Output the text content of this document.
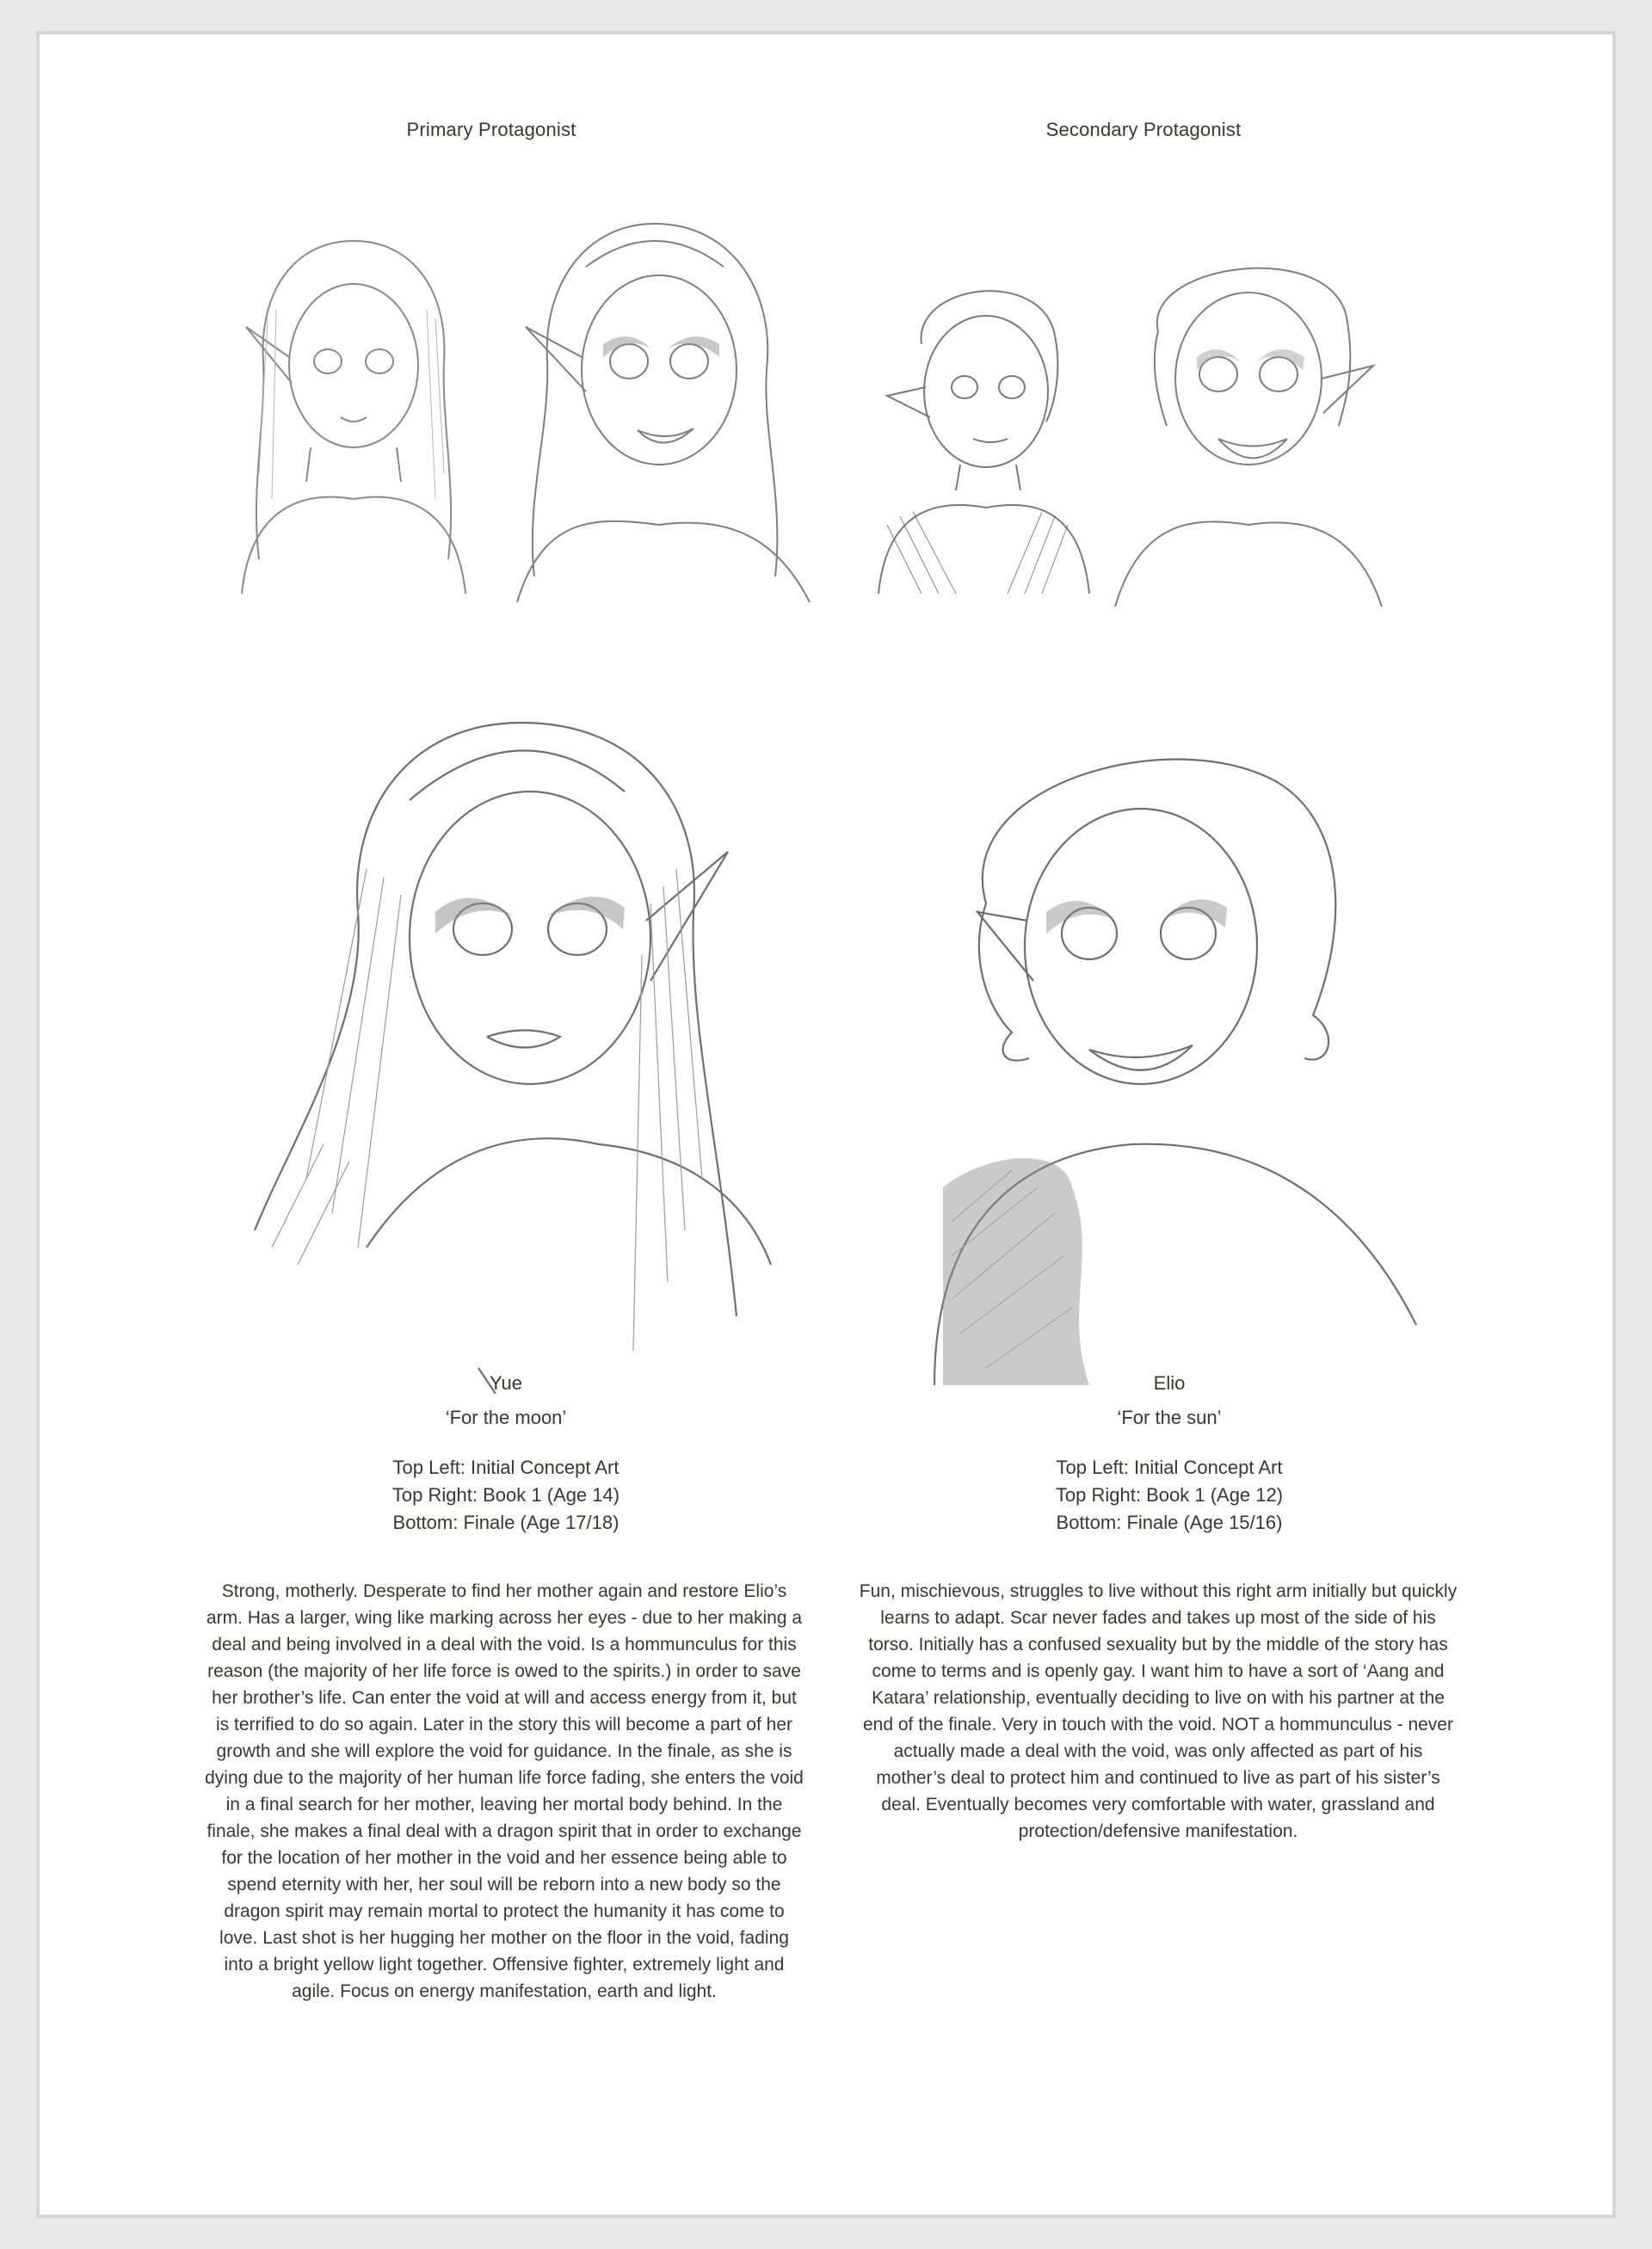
Primary Protagonist	Secondary Protagonist
Yue
‘For the moon’
Top Left: Initial Concept Art
Top Right: Book 1 (Age 14)
Bottom: Finale (Age 17/18)
Elio
‘For the sun’
Top Left: Initial Concept Art
Top Right: Book 1 (Age 12)
Bottom: Finale (Age 15/16)
Strong, motherly. Desperate to find her mother again and restore Elio’s arm. Has a larger, wing like marking across her eyes - due to her making a deal and being involved in a deal with the void. Is a hommunculus for this reason (the majority of her life force is owed to the spirits.) in order to save her brother’s life. Can enter the void at will and access energy from it, but is terrified to do so again. Later in the story this will become a part of her growth and she will explore the void for guidance. In the finale, as she is dying due to the majority of her human life force fading, she enters the void in a final search for her mother, leaving her mortal body behind. In the finale, she makes a final deal with a dragon spirit that in order to exchange for the location of her mother in the void and her essence being able to spend eternity with her, her soul will be reborn into a new body so the dragon spirit may remain mortal to protect the humanity it has come to love. Last shot is her hugging her mother on the floor in the void, fading into a bright yellow light together. Offensive fighter, extremely light and agile. Focus on energy manifestation, earth and light.
Fun, mischievous, struggles to live without this right arm initially but quickly learns to adapt. Scar never fades and takes up most of the side of his torso. Initially has a confused sexuality but by the middle of the story has come to terms and is openly gay. I want him to have a sort of ‘Aang and Katara’ relationship, eventually deciding to live on with his partner at the end of the finale. Very in touch with the void. NOT a hommunculus - never actually made a deal with the void, was only affected as part of his mother’s deal to protect him and continued to live as part of his sister’s deal. Eventually becomes very comfortable with water, grassland and protection/defensive manifestation.
